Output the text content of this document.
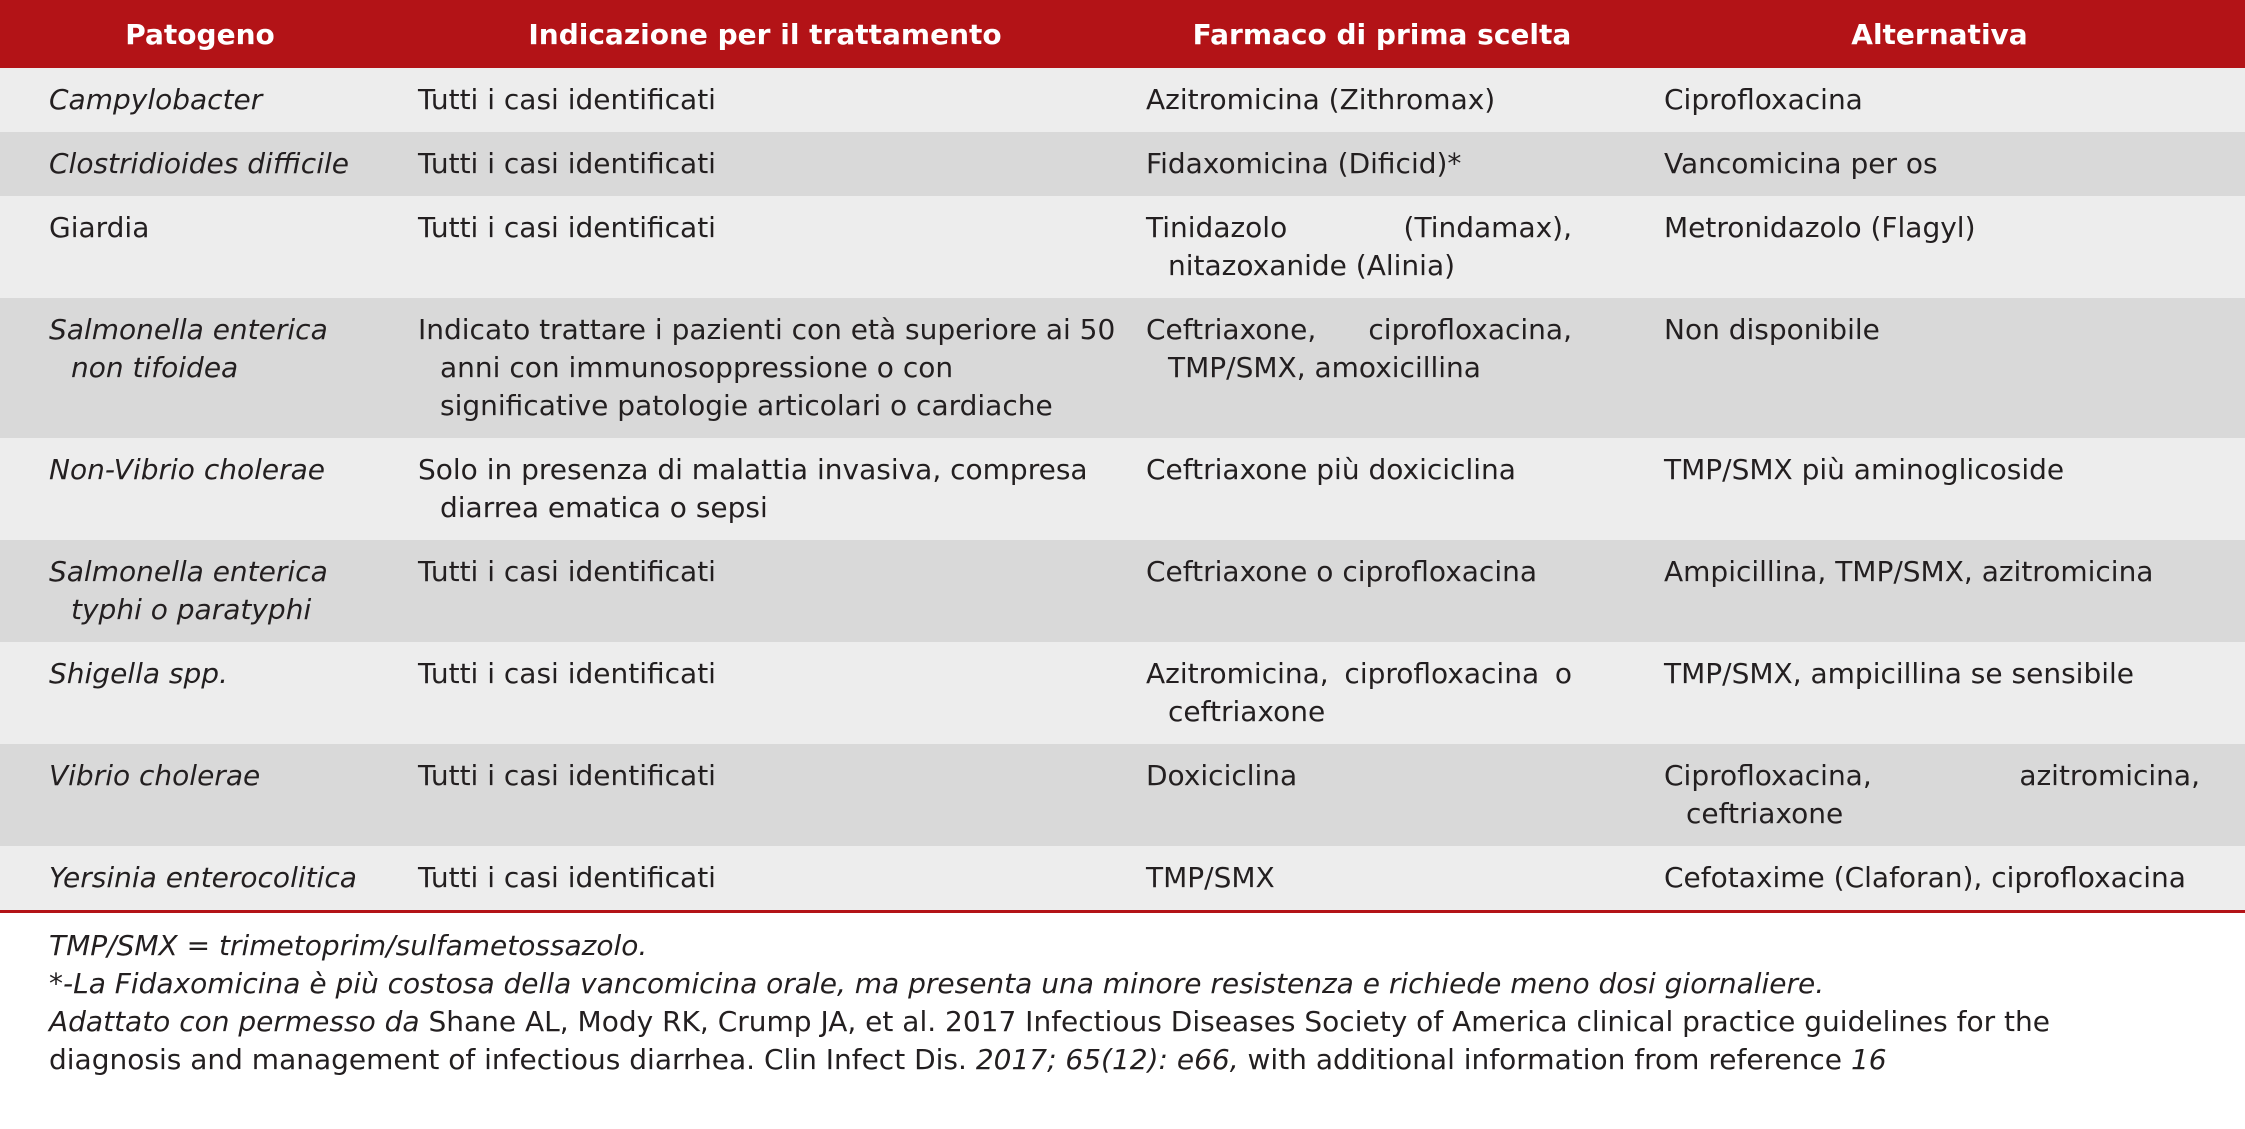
Patogeno	Indicazione per il trattamento	Farmaco di prima scelta	Alternativa

Campylobacter	Tutti i casi identificati	Azitromicina (Zithromax)	Ciprofloxacina

Clostridioides difficile	Tutti i casi identificati	Fidaxomicina (Dificid)*	Vancomicina per os

Giardia	Tutti i casi identificati	Tinidazolo (Tindamax), nitazoxanide (Alinia)	Metronidazolo (Flagyl)

Salmonella enterica non tifoidea	Indicato trattare i pazienti con età superiore ai 50 anni con immunosoppressione o con significative patologie articolari o cardiache	Ceftriaxone, ciprofloxacina, TMP/SMX, amoxicillina	Non disponibile

Non-Vibrio cholerae	Solo in presenza di malattia invasiva, compresa diarrea ematica o sepsi	Ceftriaxone più doxiciclina	TMP/SMX più aminoglicoside

Salmonella enterica typhi o paratyphi	Tutti i casi identificati	Ceftriaxone o ciprofloxacina	Ampicillina, TMP/SMX, azitromicina

Shigella spp.	Tutti i casi identificati	Azitromicina, ciprofloxacina o ceftriaxone	TMP/SMX, ampicillina se sensibile

Vibrio cholerae	Tutti i casi identificati	Doxiciclina	Ciprofloxacina, azitromicina, ceftriaxone

Yersinia enterocolitica	Tutti i casi identificati	TMP/SMX	Cefotaxime (Claforan), ciprofloxacina
TMP/SMX = trimetoprim/sulfametossazolo.
*-La Fidaxomicina è più costosa della vancomicina orale, ma presenta una minore resistenza e richiede meno dosi giornaliere.
Adattato con permesso da Shane AL, Mody RK, Crump JA, et al. 2017 Infectious Diseases Society of America clinical practice guidelines for the
diagnosis and management of infectious diarrhea. Clin Infect Dis. 2017; 65(12): e66, with additional information from reference 16
